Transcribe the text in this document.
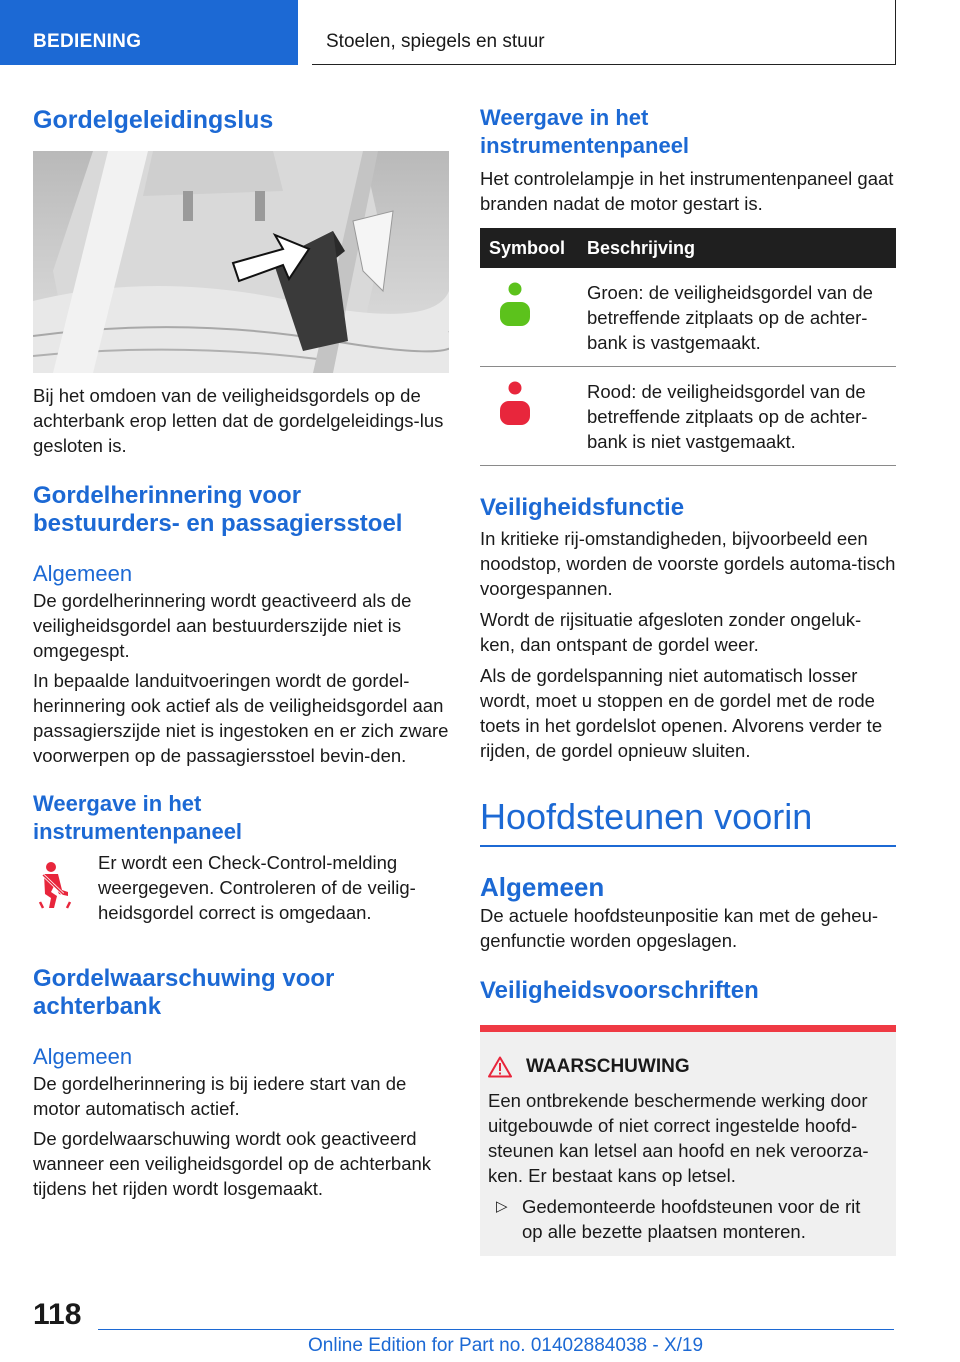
BEDIENING	Stoelen, spiegels en stuur
Gordelgeleidingslus

Bij het omdoen van de veiligheidsgordels op de achterbank erop letten dat de gordelgeleidings-lus gesloten is.

Gordelherinnering voor
bestuurders- en passagiersstoel
Algemeen

De gordelherinnering wordt geactiveerd als de veiligheidsgordel aan bestuurderszijde niet is omgegespt.

In bepaalde landuitvoeringen wordt de gordel-herinnering ook actief als de veiligheidsgordel aan passagierszijde niet is ingestoken en er zich zware voorwerpen op de passagiersstoel bevin-den.

Weergave in het
instrumentenpaneel

Er wordt een Check-Control-melding weergegeven. Controleren of de veilig-heidsgordel correct is omgedaan.

Gordelwaarschuwing voor
achterbank
Algemeen

De gordelherinnering is bij iedere start van de motor automatisch actief.

De gordelwaarschuwing wordt ook geactiveerd wanneer een veiligheidsgordel op de achterbank tijdens het rijden wordt losgemaakt.

Weergave in het
instrumentenpaneel

Het controlelampje in het instrumentenpaneel gaat branden nadat de motor gestart is.

Symbool	Beschrijving
	Groen: de veiligheidsgordel van de betreffende zitplaats op de achter-bank is vastgemaakt.
	Rood: de veiligheidsgordel van de betreffende zitplaats op de achter-bank is niet vastgemaakt.
Veiligheidsfunctie

In kritieke rij-omstandigheden, bijvoorbeeld een noodstop, worden de voorste gordels automa-tisch voorgespannen.

Wordt de rijsituatie afgesloten zonder ongeluk-ken, dan ontspant de gordel weer.

Als de gordelspanning niet automatisch losser wordt, moet u stoppen en de gordel met de rode toets in het gordelslot openen. Alvorens verder te rijden, de gordel opnieuw sluiten.

Hoofdsteunen voorin
Algemeen

De actuele hoofdsteunpositie kan met de geheu-genfunctie worden opgeslagen.

Veiligheidsvoorschriften
WAARSCHUWING

Een ontbrekende beschermende werking door uitgebouwde of niet correct ingestelde hoofd-steunen kan letsel aan hoofd en nek veroorza-ken. Er bestaat kans op letsel.

▷ Gedemonteerde hoofdsteunen voor de rit op alle bezette plaatsen monteren.

118
Online Edition for Part no. 01402884038 - X/19
